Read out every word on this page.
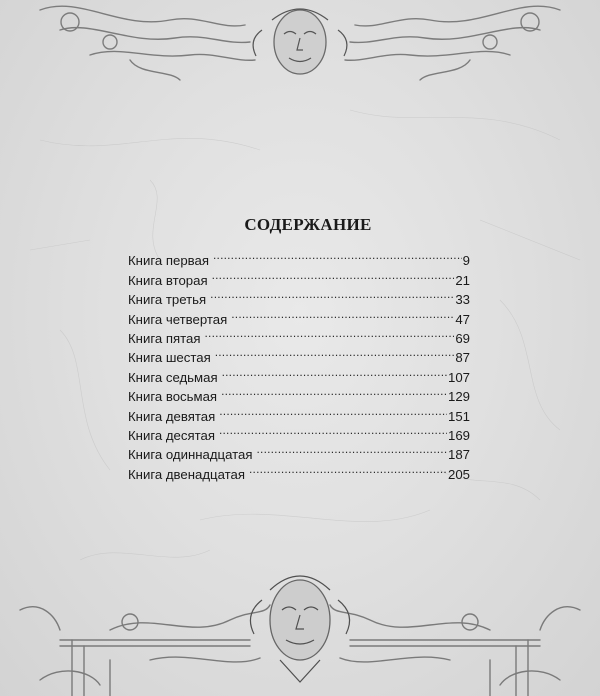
СОДЕРЖАНИЕ
Книга первая .....	9
Книга вторая .....	21
Книга третья .....	33
Книга четвертая .....	47
Книга пятая .....	69
Книга шестая .....	87
Книга седьмая .....	107
Книга восьмая .....	129
Книга девятая .....	151
Книга десятая .....	169
Книга одиннадцатая .....	187
Книга двенадцатая .....	205
